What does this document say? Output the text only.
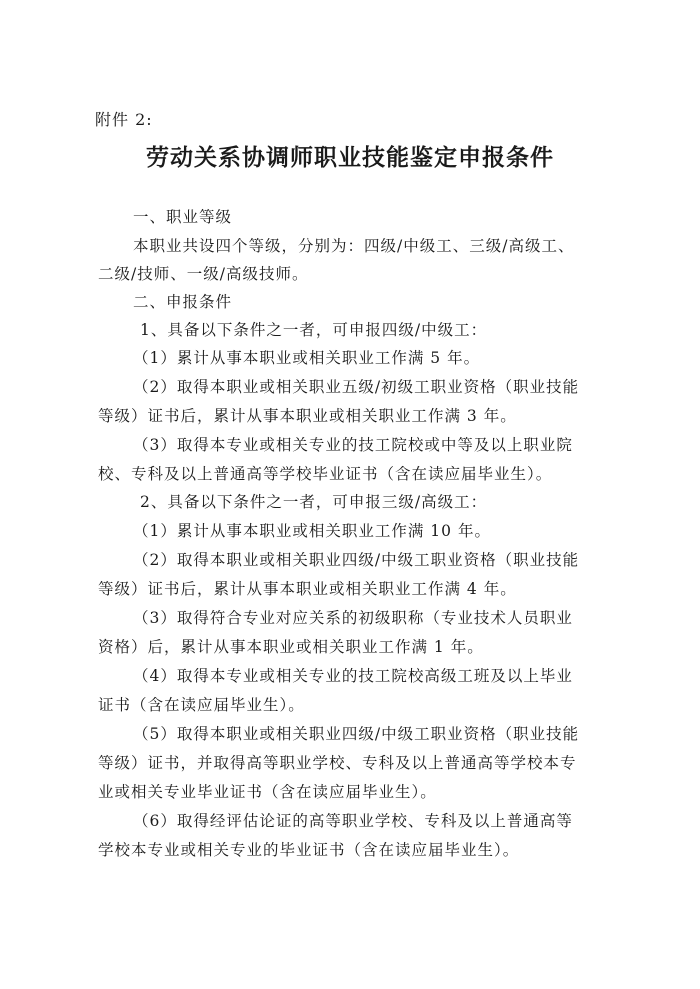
附件 2:
劳动关系协调师职业技能鉴定申报条件
一、职业等级
本职业共设四个等级，分别为：四级/中级工、三级/高级工、
二级/技师、一级/高级技师。
二、申报条件
1、具备以下条件之一者，可申报四级/中级工：
（1）累计从事本职业或相关职业工作满 5 年。
（2）取得本职业或相关职业五级/初级工职业资格（职业技能
等级）证书后，累计从事本职业或相关职业工作满 3 年。
（3）取得本专业或相关专业的技工院校或中等及以上职业院
校、专科及以上普通高等学校毕业证书（含在读应届毕业生）。
2、具备以下条件之一者，可申报三级/高级工：
（1）累计从事本职业或相关职业工作满 10 年。
（2）取得本职业或相关职业四级/中级工职业资格（职业技能
等级）证书后，累计从事本职业或相关职业工作满 4 年。
（3）取得符合专业对应关系的初级职称（专业技术人员职业
资格）后，累计从事本职业或相关职业工作满 1 年。
（4）取得本专业或相关专业的技工院校高级工班及以上毕业
证书（含在读应届毕业生）。
（5）取得本职业或相关职业四级/中级工职业资格（职业技能
等级）证书，并取得高等职业学校、专科及以上普通高等学校本专
业或相关专业毕业证书（含在读应届毕业生）。
（6）取得经评估论证的高等职业学校、专科及以上普通高等
学校本专业或相关专业的毕业证书（含在读应届毕业生）。
